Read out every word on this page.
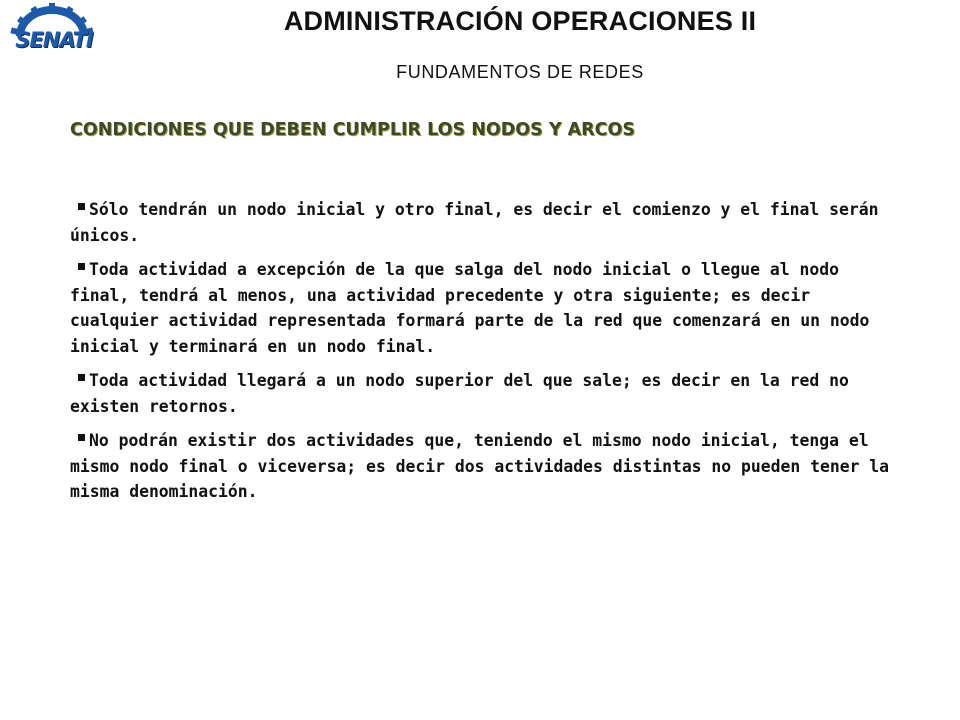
SENATI
ADMINISTRACIÓN OPERACIONES II
FUNDAMENTOS DE REDES
CONDICIONES QUE DEBEN CUMPLIR LOS NODOS Y ARCOS
Sólo tendrán un nodo inicial y otro final, es decir el comienzo y el final serán únicos.
Toda actividad a excepción de la que salga del nodo inicial o llegue al nodo final, tendrá al menos, una actividad precedente y otra siguiente; es decir cualquier actividad representada formará parte de la red que comenzará en un nodo inicial y terminará en un nodo final.
Toda actividad llegará a un nodo superior del que sale; es decir en la red no existen retornos.
No podrán existir dos actividades que, teniendo el mismo nodo inicial, tenga el mismo nodo final o viceversa; es decir dos actividades distintas no pueden tener la misma denominación.
